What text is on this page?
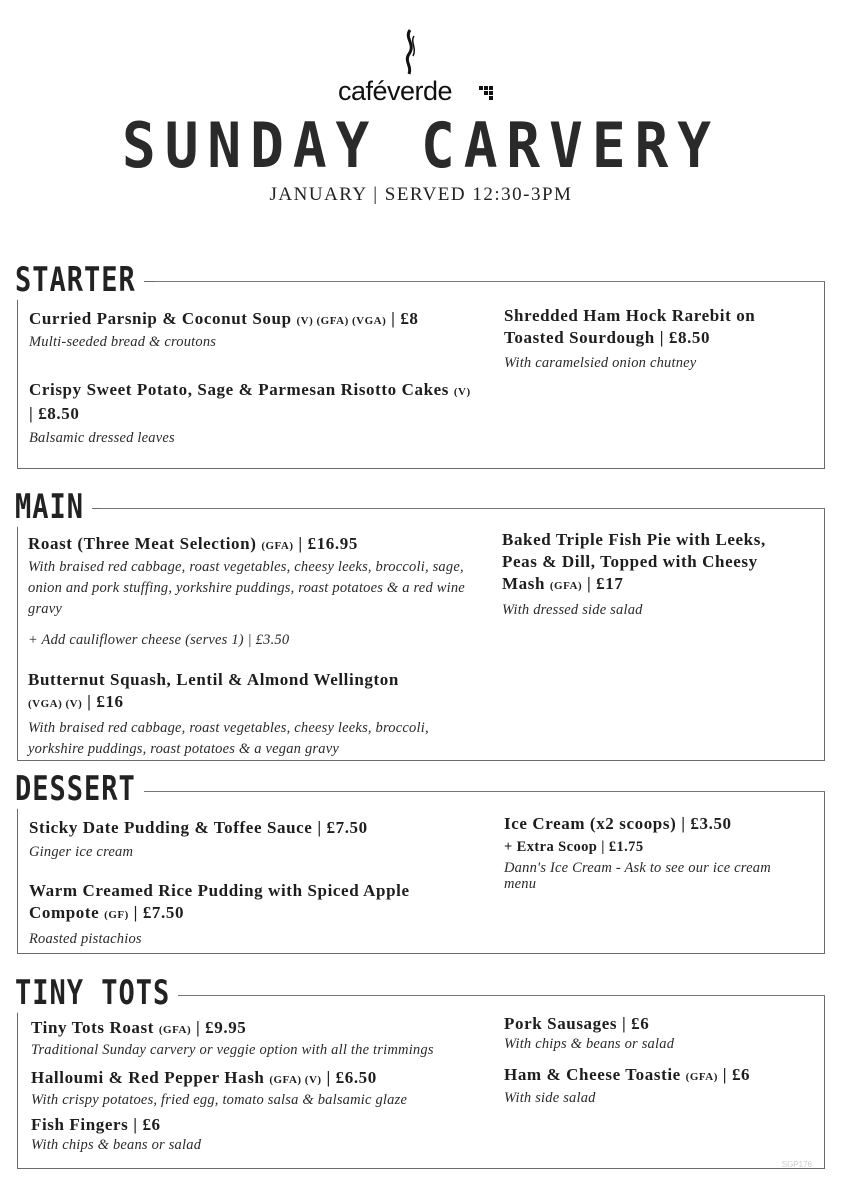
caféverde
SUNDAY CARVERY
JANUARY | SERVED 12:30-3PM
STARTER
Curried Parsnip & Coconut Soup (V) (GFA) (VGA) | £8
Multi-seeded bread & croutons
Crispy Sweet Potato, Sage & Parmesan Risotto Cakes (V)
| £8.50
Balsamic dressed leaves
Shredded Ham Hock Rarebit on Toasted Sourdough | £8.50
With caramelsied onion chutney
MAIN
Roast (Three Meat Selection) (GFA) | £16.95
With braised red cabbage, roast vegetables, cheesy leeks, broccoli, sage, onion and pork stuffing, yorkshire puddings, roast potatoes & a red wine gravy
+ Add cauliflower cheese (serves 1) | £3.50
Butternut Squash, Lentil & Almond Wellington
(VGA) (V) | £16
With braised red cabbage, roast vegetables, cheesy leeks, broccoli, yorkshire puddings, roast potatoes & a vegan gravy
Baked Triple Fish Pie with Leeks, Peas & Dill, Topped with Cheesy Mash (GFA) | £17
With dressed side salad
DESSERT
Sticky Date Pudding & Toffee Sauce | £7.50
Ginger ice cream
Warm Creamed Rice Pudding with Spiced Apple Compote (GF) | £7.50
Roasted pistachios
Ice Cream (x2 scoops) | £3.50
+ Extra Scoop | £1.75
Dann's Ice Cream - Ask to see our ice cream menu
TINY TOTS
Tiny Tots Roast (GFA) | £9.95
Traditional Sunday carvery or veggie option with all the trimmings
Halloumi & Red Pepper Hash (GFA) (V) | £6.50
With crispy potatoes, fried egg, tomato salsa & balsamic glaze
Fish Fingers | £6
With chips & beans or salad
Pork Sausages | £6
With chips & beans or salad
Ham & Cheese Toastie (GFA) | £6
With side salad
SGP176
